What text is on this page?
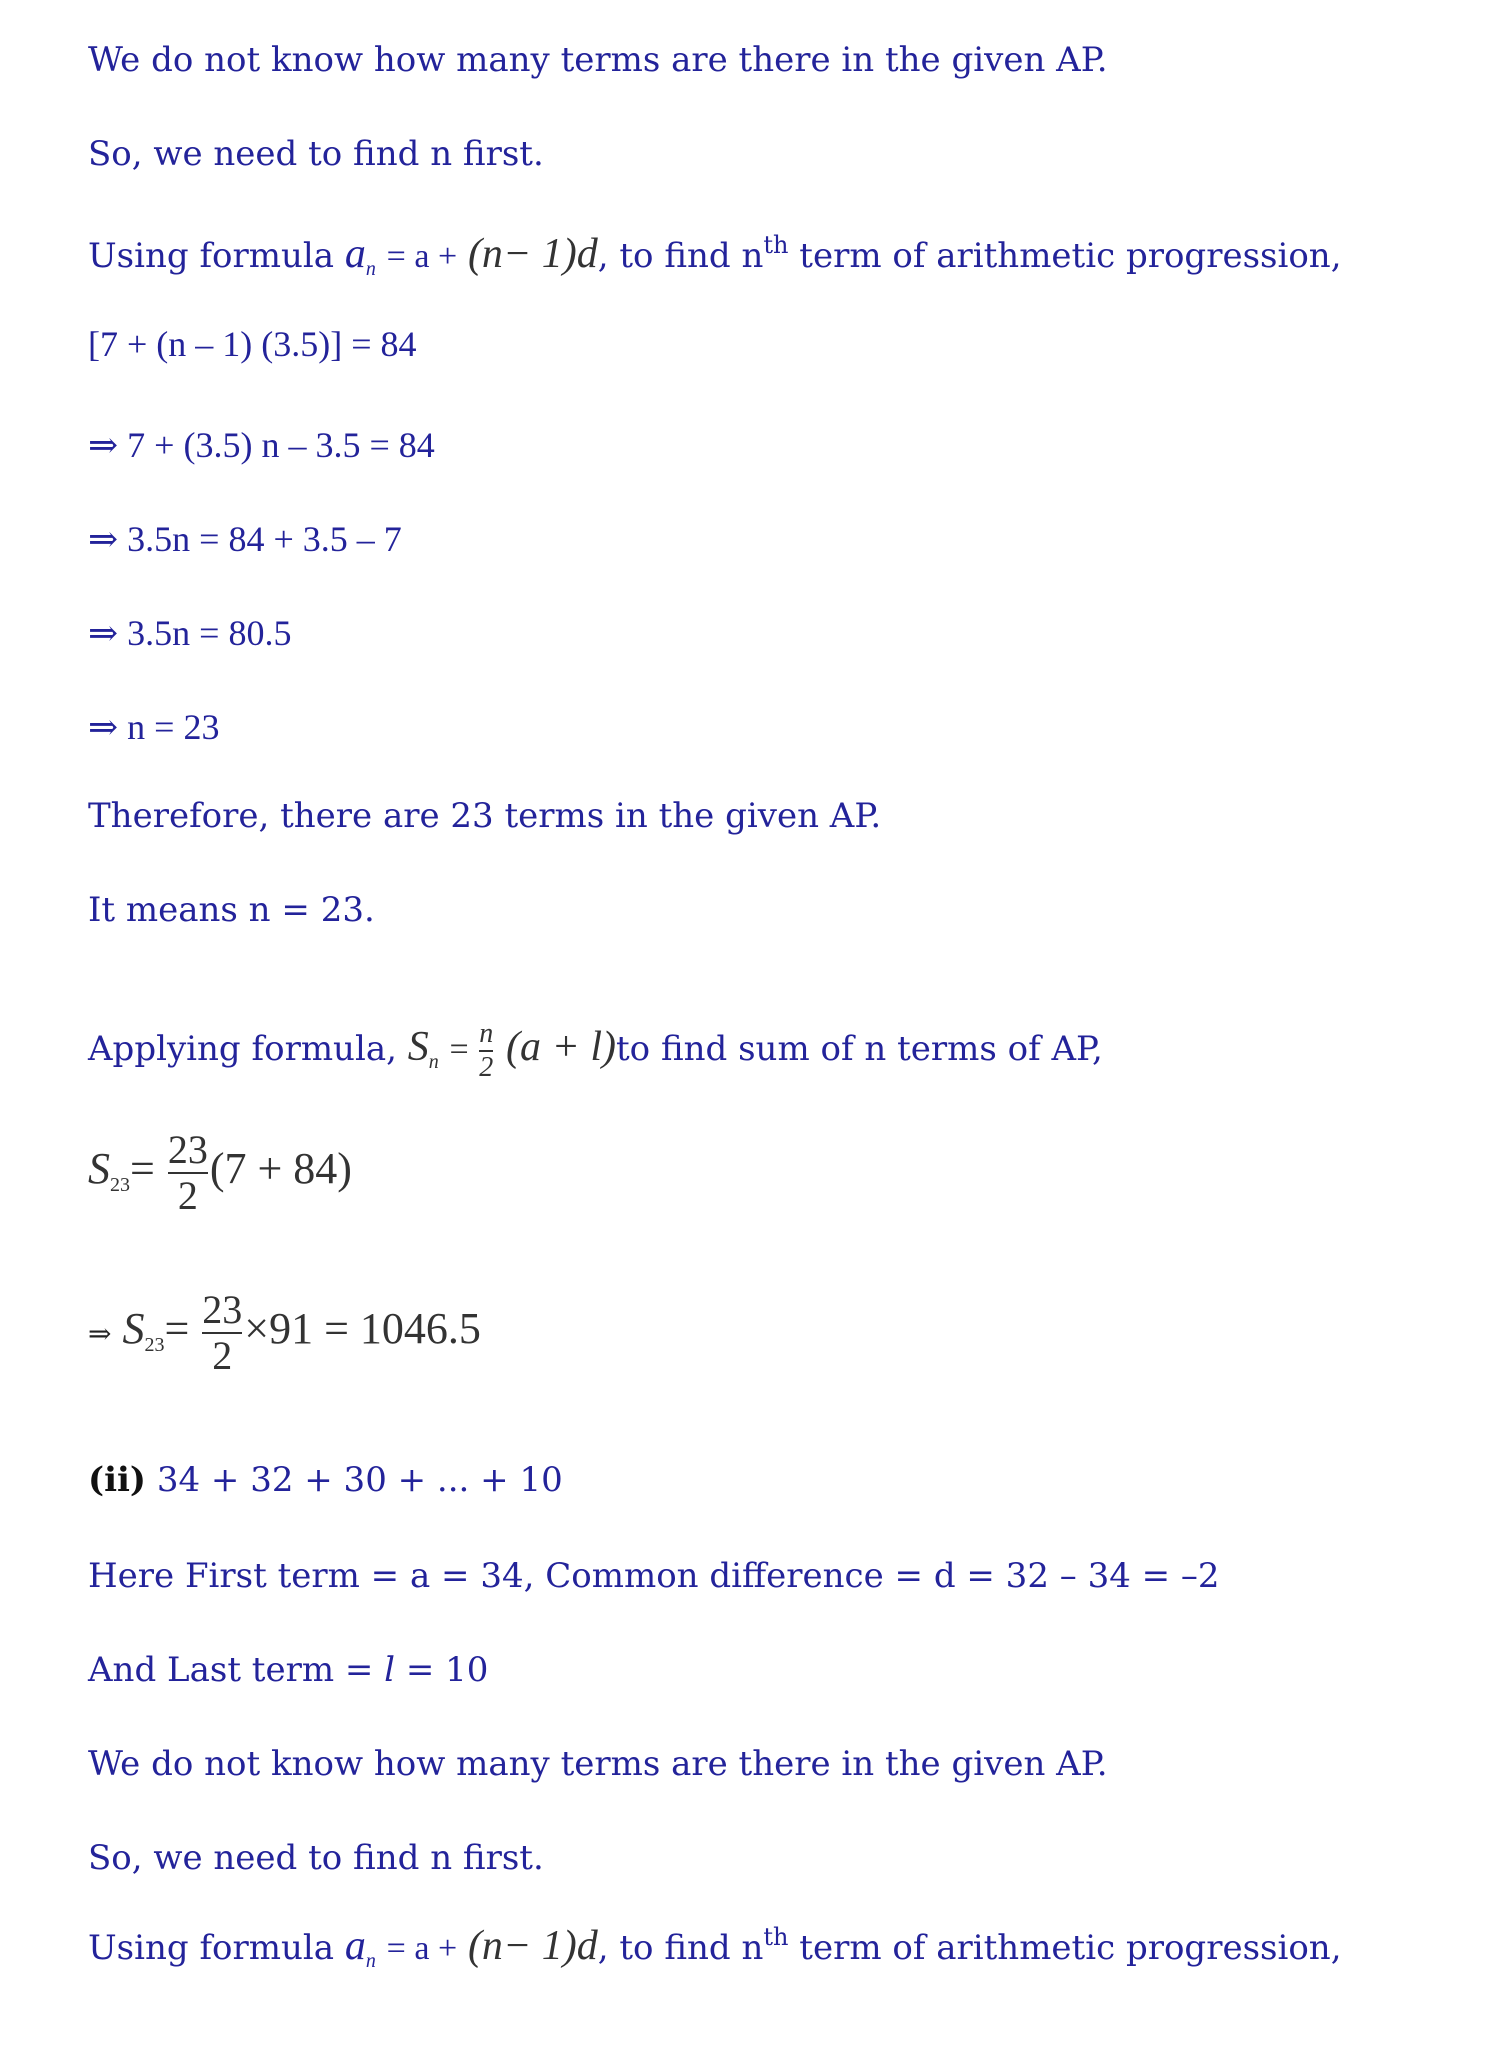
We do not know how many terms are there in the given AP.
So, we need to find n first.
Using formula $a_n = a + (n- 1)d$, to find $n^{th}$ term of arithmetic progression,
[7 + (n – 1) (3.5)] = 84
⇒ 7 + (3.5) n – 3.5 = 84
⇒ 3.5n = 84 + 3.5 – 7
⇒ 3.5n = 80.5
⇒ n = 23
Therefore, there are 23 terms in the given AP.
It means n = 23.
Applying formula, $S_n = \frac{n}{2} (a + l)to$ find sum of n terms of AP,
$S23= \frac{23}{2} (7 + 84)$
⇒ $S23= \frac{23}{2} \times 91 = 1046.5$
(ii) 34 + 32 + 30 + ... + 10
Here First term = a = 34, Common difference = d = 32 – 34 = –2
And Last term = l = 10
We do not know how many terms are there in the given AP.
So, we need to find n first.
Using formula $a_n = a + (n- 1)d$, to find $n^{th}$ term of arithmetic progression,
